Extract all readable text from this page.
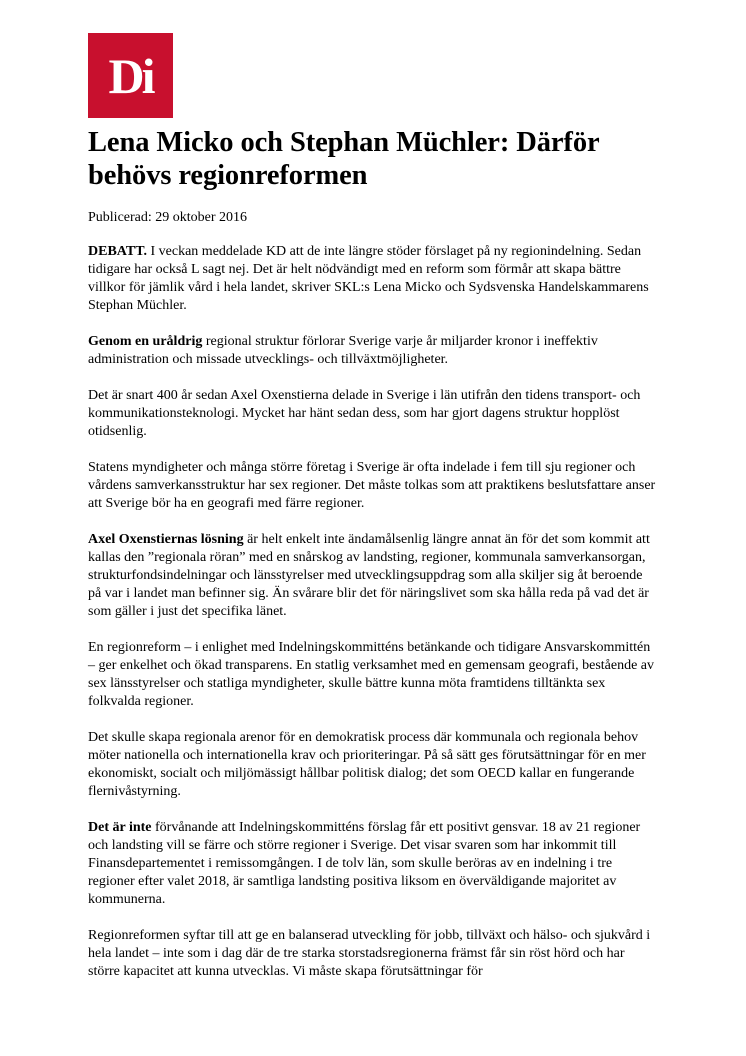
Di
Lena Micko och Stephan Müchler: Därför behövs regionreformen

Publicerad: 29 oktober 2016

DEBATT. I veckan meddelade KD att de inte längre stöder förslaget på ny regionindelning. Sedan tidigare har också L sagt nej. Det är helt nödvändigt med en reform som förmår att skapa bättre villkor för jämlik vård i hela landet, skriver SKL:s Lena Micko och Sydsvenska Handelskammarens Stephan Müchler.

Genom en uråldrig regional struktur förlorar Sverige varje år miljarder kronor i ineffektiv administration och missade utvecklings- och tillväxtmöjligheter.

Det är snart 400 år sedan Axel Oxenstierna delade in Sverige i län utifrån den tidens transport- och kommunikationsteknologi. Mycket har hänt sedan dess, som har gjort dagens struktur hopplöst otidsenlig.

Statens myndigheter och många större företag i Sverige är ofta indelade i fem till sju regioner och vårdens samverkansstruktur har sex regioner. Det måste tolkas som att praktikens beslutsfattare anser att Sverige bör ha en geografi med färre regioner.

Axel Oxenstiernas lösning är helt enkelt inte ändamålsenlig längre annat än för det som kommit att kallas den ”regionala röran” med en snårskog av landsting, regioner, kommunala samverkansorgan, strukturfondsindelningar och länsstyrelser med utvecklingsuppdrag som alla skiljer sig åt beroende på var i landet man befinner sig. Än svårare blir det för näringslivet som ska hålla reda på vad det är som gäller i just det specifika länet.

En regionreform – i enlighet med Indelningskommitténs betänkande och tidigare Ansvarskommittén – ger enkelhet och ökad transparens. En statlig verksamhet med en gemensam geografi, bestående av sex länsstyrelser och statliga myndigheter, skulle bättre kunna möta framtidens tilltänkta sex folkvalda regioner.

Det skulle skapa regionala arenor för en demokratisk process där kommunala och regionala behov möter nationella och internationella krav och prioriteringar. På så sätt ges förutsättningar för en mer ekonomiskt, socialt och miljömässigt hållbar politisk dialog; det som OECD kallar en fungerande flernivåstyrning.

Det är inte förvånande att Indelningskommitténs förslag får ett positivt gensvar. 18 av 21 regioner och landsting vill se färre och större regioner i Sverige. Det visar svaren som har inkommit till Finansdepartementet i remissomgången. I de tolv län, som skulle beröras av en indelning i tre regioner efter valet 2018, är samtliga landsting positiva liksom en överväldigande majoritet av kommunerna.

Regionreformen syftar till att ge en balanserad utveckling för jobb, tillväxt och hälso- och sjukvård i hela landet – inte som i dag där de tre starka storstadsregionerna främst får sin röst hörd och har större kapacitet att kunna utvecklas. Vi måste skapa förutsättningar för
